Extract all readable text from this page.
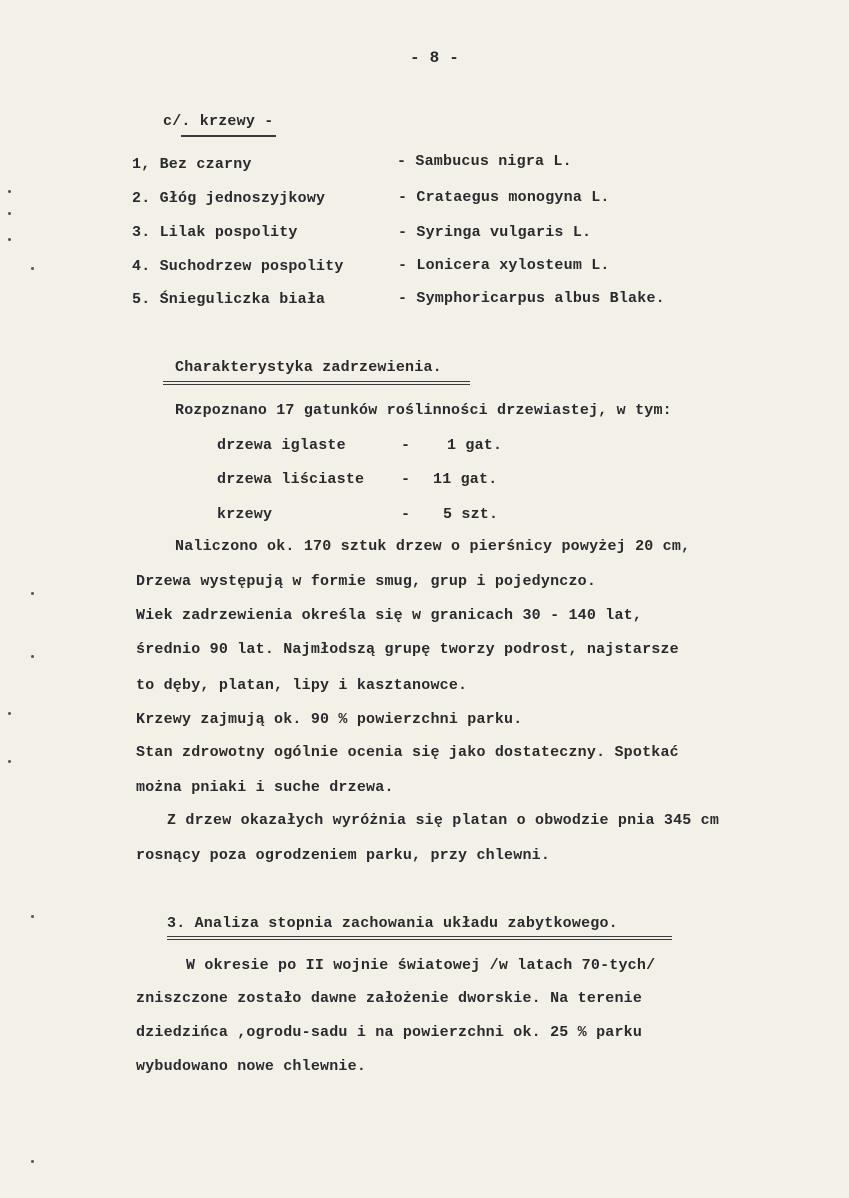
- 8 -
c/. krzewy -
1, Bez czarny	- Sambucus nigra L.
2. Głóg jednoszyjkowy	- Crataegus monogyna L.
3. Lilak pospolity	- Syringa vulgaris L.
4. Suchodrzew pospolity	- Lonicera xylosteum L.
5. Śnieguliczka biała	- Symphoricarpus albus Blake.
Charakterystyka zadrzewienia.
Rozpoznano 17 gatunków roślinności drzewiastej, w tym:
drzewa iglaste	- 1 gat.
drzewa liściaste - 11 gat.
krzewy	- 5 szt.
Naliczono ok. 170 sztuk drzew o pierśnicy powyżej 20 cm,
Drzewa występują w formie smug, grup i pojedynczo.
Wiek zadrzewienia określa się w granicach 30 - 140 lat,
średnio 90 lat. Najmłodszą grupę tworzy podrost, najstarsze
to dęby, platan, lipy i kasztanowce.
Krzewy zajmują ok. 90 % powierzchni parku.
Stan zdrowotny ogólnie ocenia się jako dostateczny. Spotkać
można pniaki i suche drzewa.
Z drzew okazałych wyróżnia się platan o obwodzie pnia 345 cm
rosnący poza ogrodzeniem parku, przy chlewni.
3. Analiza stopnia zachowania układu zabytkowego.
W okresie po II wojnie światowej /w latach 70-tych/
zniszczone zostało dawne założenie dworskie. Na terenie
dziedzińca ,ogrodu-sadu i na powierzchni ok. 25 % parku
wybudowano nowe chlewnie.
